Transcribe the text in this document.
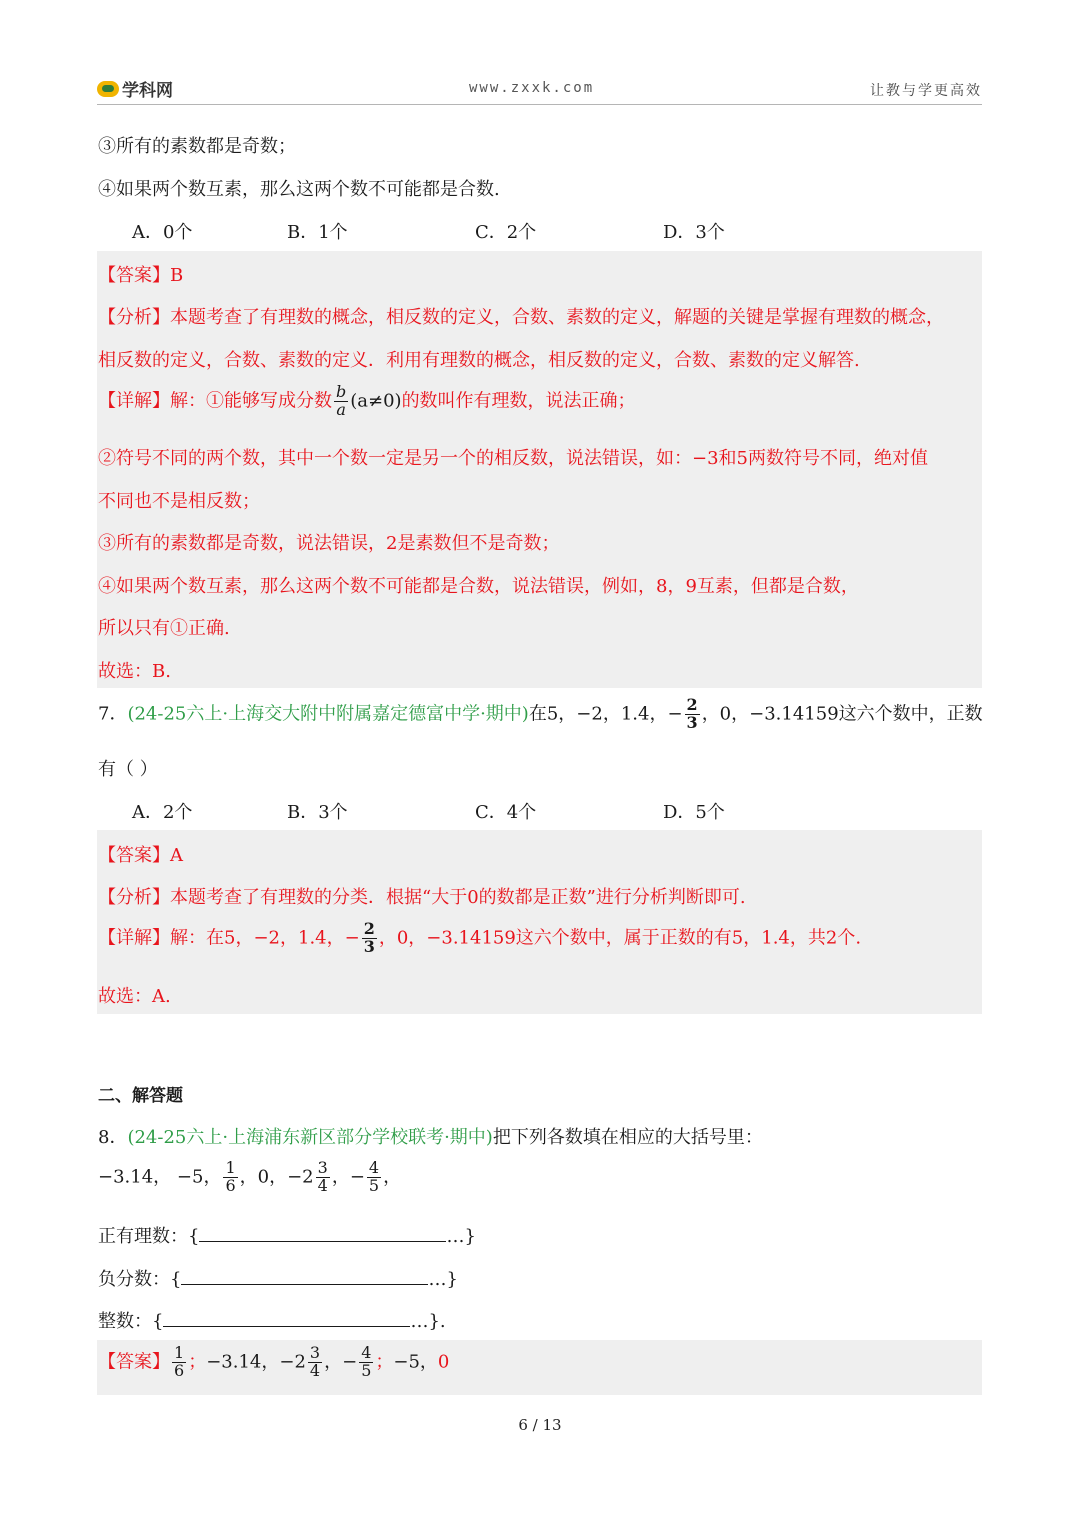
学科网	www.zxxk.com	让教与学更高效
③所有的素数都是奇数；
④如果两个数互素，那么这两个数不可能都是合数.
A．0个	B．1个	C．2个	D．3个
【答案】B
【分析】本题考查了有理数的概念，相反数的定义，合数、素数的定义，解题的关键是掌握有理数的概念，
相反数的定义，合数、素数的定义．利用有理数的概念，相反数的定义，合数、素数的定义解答.
【详解】解：①能够写成分数 $\frac{b}{a} (a\ne 0)$的数叫作有理数，说法正确；
②符号不同的两个数，其中一个数一定是另一个的相反数，说法错误，如：−3和5两数符号不同，绝对值
不同也不是相反数；
③所有的素数都是奇数，说法错误，2是素数但不是奇数；
④如果两个数互素，那么这两个数不可能都是合数，说法错误，例如，8，9互素，但都是合数，
所以只有①正确.
故选：B.
7．(24-25六上·上海交大附中附属嘉定德富中学·期中)在5，−2，1.4，− $\frac{2}{3}$ ，0，−3.14159这六个数中，正数
有（ ）
A．2个	B．3个	C．4个	D．5个
【答案】A
【分析】本题考查了有理数的分类．根据“大于0的数都是正数”进行分析判断即可.
【详解】解：在5，−2，1.4，− $\frac{2}{3}$ ，0，−3.14159这六个数中，属于正数的有5，1.4，共2个.
故选：A.
二、解答题
8．(24-25六上·上海浦东新区部分学校联考·期中)把下列各数填在相应的大括号里：
−3.14， −5， $\frac{1}{6}$ ，0，$-2 \frac{3}{4}$ ，− $\frac{4}{5}$ ，
正有理数：{	…}
负分数：{	…}
整数：{	…}.
【答案】 $\frac{1}{6}$ ；−3.14，$-2 \frac{3}{4}$ ，− $\frac{4}{5}$ ；−5，0
6 / 13
